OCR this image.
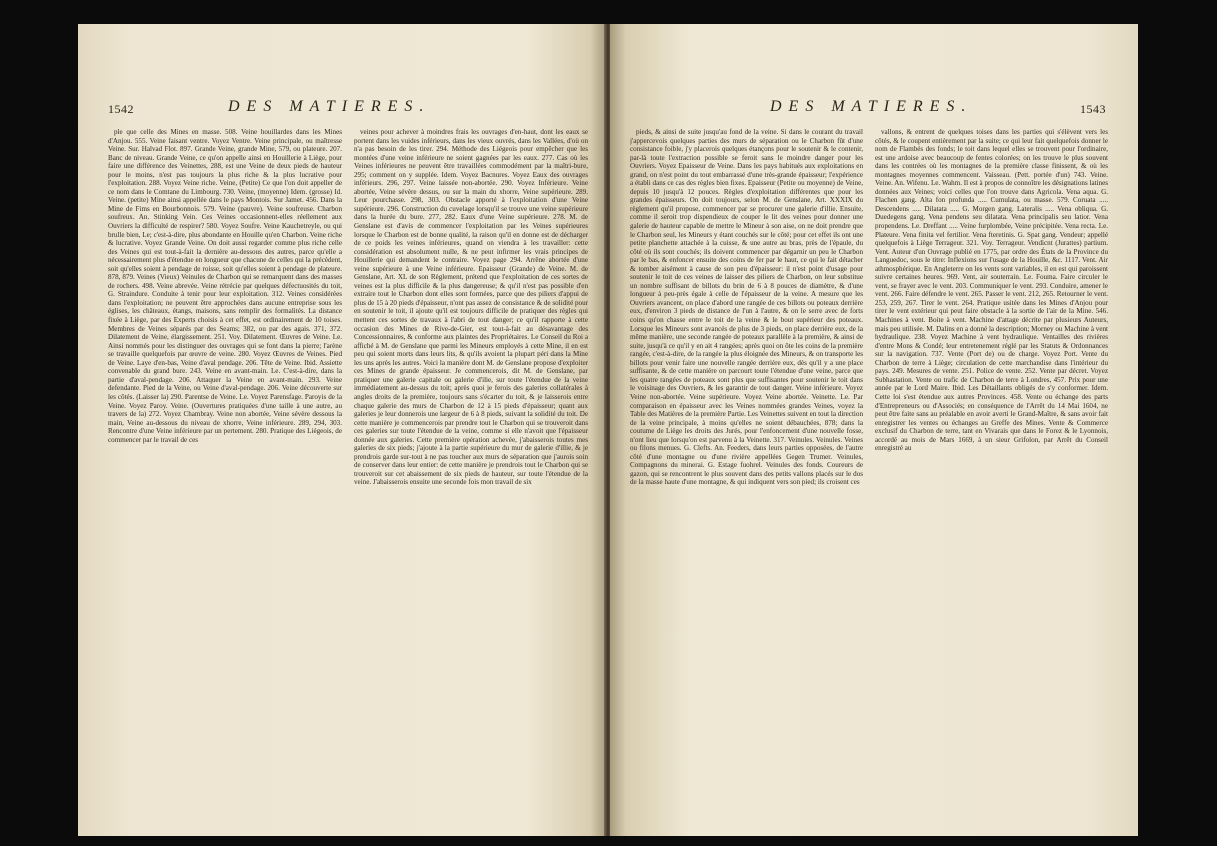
1542	DES MATIERES.

ple que celle des Mines en masse. 508. Veine houillardes dans les Mines d'Anjou. 555. Veine faisant ventre. Voyez Ventre. Veine principale, ou maîtresse Veine. Sur. Halvad Flot. 897. Grande Veine, grande Mine, 579, ou plateure. 207. Banc de niveau. Grande Veine, ce qu'on appelle ainsi en Houillerie à Liège, pour faire une différence des Veinettes, 288, est une Veine de deux pieds de hauteur pour le moins, n'est pas toujours la plus riche & la plus lucrative pour l'exploitation. 288. Voyez Veine riche. Veine, (Petite) Ce que l'on doit appeller de ce nom dans le Comtane du Limbourg. 730. Veine, (moyenne) Idem. (grosse) Id. Veine. (petite) Mine ainsi appellée dans le pays Montois. Sur Jamet. 456. Dans la Mine de Fims en Bourbonnois. 579. Veine (pauvre). Veine soufreuse. Charbon soufreux. An. Stinking Vein. Ces Veines occasionnent-elles réellement aux Ouvriers la difficulté de respirer? 580. Voyez Soufre. Veine Kauchetreyle, ou qui brulle bien, Le; c'est-à-dire, plus abondante en Houille qu'en Charbon. Veine riche & lucrative. Voyez Grande Veine. On doit aussi regarder comme plus riche celle des Veines qui est tout-à-fait la dernière au-dessous des autres, parce qu'elle a nécessairement plus d'étendue en longueur que chacune de celles qui la précèdent, soit qu'elles soient à pendage de roisse, soit qu'elles soient à pendage de plateure. 878, 879. Veines (Vieux) Veinules de Charbon qui se remarquent dans des masses de rochers. 498. Veine abrevée. Veine rétrécie par quelques défectuosités du toit, G. Straindure. Conduite à tenir pour leur exploitation. 312. Veines considérées dans l'exploitation; ne peuvent être approchées dans aucune entreprise sous les églises, les châteaux, étangs, maisons, sans remplir des formalités. La distance fixée à Liège, par des Experts choisis à cet effet, est ordinairement de 10 toises. Membres de Veines séparés par des Seams; 382, ou par des agais. 371, 372. Dilatement de Veine, élargissement. 251. Voy. Dilatement. Œuvres de Veine. Le. Ainsi nommés pour les distinguer des ouvrages qui se font dans la pierre; l'arène se travaille quelquefois par œuvre de veine. 280. Voyez Œuvres de Veines. Pied de Veine. Laye d'en-bas, Veine d'aval pendage. 206. Tête de Veine. Ibid. Assiette convenable du grand bure. 243. Veine en avant-main. Le. C'est-à-dire, dans la partie d'aval-pendage. 206. Attaquer la Veine en avant-main. 293. Veine defendante. Pied de la Veine, ou Veine d'aval-pendage. 206. Veine découverte sur les côtés. (Laisser la) 290. Parentse de Veine. Le. Voyez Parensfage. Paroyis de la Veine. Voyez Paroy. Veine. (Ouvertures pratiquées d'une taille à une autre, au travers de la) 272. Voyez Chambray. Veine non abortée, Veine sévère dessous la main, Veine au-dessous du niveau de xhorre, Veine inférieure. 289, 294, 303. Rencontre d'une Veine inférieure par un pertement. 280. Pratique des Liégeois, de commencer par le travail de ces

veines pour achever à moindres frais les ouvrages d'en-haut, dont les eaux se portent dans les vuides inférieurs, dans les vieux ouvrés, dans les Vallées, d'où on n'a pas besoin de les tirer. 294. Méthode des Liégeois pour empêcher que les montées d'une veine inférieure ne soient gagnées par les eaux. 277. Cas où les Veines inférieures ne peuvent être travaillées commodément par la maîtri-bure, 295; comment on y supplée. Idem. Voyez Bacnures. Voyez Eaux des ouvrages inférieurs. 296, 297. Veine laissée non-abortée. 290. Voyez Inférieure. Veine abortée, Veine sévère dessus, ou sur la main du xhorre, Veine supérieure. 289. Leur pourchasse. 298, 303. Obstacle apporté à l'exploitation d'une Veine supérieure. 296. Construction du cuvelage lorsqu'il se trouve une veine supérieure dans la hurée du bure. 277, 282. Eaux d'une Veine supérieure. 278. M. de Genslane est d'avis de commencer l'exploitation par les Veines supérieures lorsque le Charbon est de bonne qualité, la raison qu'il en donne est de décharger de ce poids les veines inférieures, quand on viendra à les travailler: cette considération est absolument nulle, & ne peut infirmer les vrais principes de Houillerie qui demandent le contraire. Voyez page 294. Arrêne abortée d'une veine supérieure à une Veine inférieure. Epaisseur (Grande) de Veine. M. de Genslane, Art. XL de son Règlement, prétend que l'exploitation de ces sortes de veines est la plus difficile & la plus dangereuse; & qu'il n'est pas possible d'en extraire tout le Charbon dont elles sont formées, parce que des piliers d'appui de plus de 15 à 20 pieds d'épaisseur, n'ont pas assez de consistance & de solidité pour en soutenir le toit, il ajoute qu'il est toujours difficile de pratiquer des règles qui mettent ces sortes de travaux à l'abri de tout danger; ce qu'il rapporte à cette occasion des Mines de Rive-de-Gier, est tout-à-fait au désavantage des Concessionnaires, & conforme aux plaintes des Propriétaires. Le Conseil du Roi a affiché à M. de Genslane que parmi les Mineurs employés à cette Mine, il en est peu qui soient morts dans leurs lits, & qu'ils avoient la plupart péri dans la Mine les uns après les autres. Voici la manière dont M. de Genslane propose d'exploiter ces Mines de grande épaisseur. Je commencerois, dit M. de Genslane, par pratiquer une galerie capitale ou galerie d'ilie, sur toute l'étendue de la veine immédiatement au-dessus du toit; après quoi je ferois des galeries collatérales à angles droits de la première, toujours sans s'écarter du toit, & je laisserois entre chaque galerie des murs de Charbon de 12 à 15 pieds d'épaisseur; quant aux galeries je leur donnerois une largeur de 6 à 8 pieds, suivant la solidité du toit. De cette manière je commencerois par prendre tout le Charbon qui se trouveroit dans ces galeries sur toute l'étendue de la veine, comme si elle n'avoit que l'épaisseur donnée aux galeries. Cette première opération achevée, j'abaisserois toutes mes galeries de six pieds; j'ajoute à la partie supérieure du mur de galerie d'illie, & je prendrois garde sur-tout à ne pas toucher aux murs de séparation que j'aurois soin de conserver dans leur entier: de cette manière je prendrois tout le Charbon qui se trouveroit sur cet abaissement de six pieds de hauteur, sur toute l'étendue de la veine. J'abaisserois ensuite une seconde fois mon travail de six

1543
DES MATIERES.

pieds, & ainsi de suite jusqu'au fond de la veine. Si dans le courant du travail j'appercevois quelques parties des murs de séparation ou le Charbon fût d'une consistance foible, j'y placerois quelques étançons pour le soutenir & le contenir, par-là toute l'extraction possible se feroit sans le moindre danger pour les Ouvriers. Voyez Epaisseur de Veine. Dans les pays habitués aux exploitations en grand, on n'est point du tout embarrassé d'une très-grande épaisseur; l'expérience a établi dans ce cas des règles bien fixes. Epaisseur (Petite ou moyenne) de Veine, depuis 10 jusqu'à 12 pouces. Règles d'exploitation différentes que pour les grandes épaisseurs. On doit toujours, selon M. de Genslane, Art. XXXIX du règlement qu'il propose, commencer par se procurer une galerie d'illie. Ensuite, comme il seroit trop dispendieux de couper le lit des veines pour donner une galerie de hauteur capable de mettre le Mineur à son aise, on ne doit prendre que le Charbon seul, les Mineurs y étant couchés sur le côté; pour cet effet ils ont une petite planchette attachée à la cuisse, & une autre au bras, près de l'épaule, du côté où ils sont couchés; ils doivent commencer par dégarnir un peu le Charbon par le bas, & enfoncer ensuite des coins de fer par le haut, ce qui le fait détacher & tomber aisément à cause de son peu d'épaisseur: il n'est point d'usage pour soutenir le toit de ces veines de laisser des piliers de Charbon, on leur substitue un nombre suffisant de billots du brin de 6 à 8 pouces de diamètre, & d'une longueur à peu-près égale à celle de l'épaisseur de la veine. A mesure que les Ouvriers avancent, on place d'abord une rangée de ces billots ou poteaux derrière eux, d'environ 3 pieds de distance de l'un à l'autre, & on le serre avec de forts coins qu'on chasse entre le toit de la veine & le bout supérieur des poteaux. Lorsque les Mineurs sont avancés de plus de 3 pieds, on place derrière eux, de la même manière, une seconde rangée de poteaux parallèle à la première, & ainsi de suite, jusqu'à ce qu'il y en ait 4 rangées; après quoi on ôte les coins de la première rangée, c'est-à-dire, de la rangée la plus éloignée des Mineurs, & on transporte les billots pour venir faire une nouvelle rangée derrière eux, dès qu'il y a une place suffisante, & de cette manière on parcourt toute l'étendue d'une veine, parce que les quatre rangées de poteaux sont plus que suffisantes pour soutenir le toit dans le voisinage des Ouvriers, & les garantir de tout danger. Veine inférieure. Voyez Veine non-abortée. Veine supérieure. Voyez Veine abortée. Veinette. Le. Par comparaison en épaisseur avec les Veines nommées grandes Veines, voyez la Table des Matières de la première Partie. Les Veinettes suivent en tout la direction de la veine principale, à moins qu'elles ne soient débauchées, 878; dans la coutume de Liège les droits des Jurés, pour l'enfoncement d'une nouvelle fosse, n'ont lieu que lorsqu'on est parvenu à la Veinette. 317. Veinules. Veinules. Veines ou filons menues. G. Clefts. An. Feeders, dans leurs parties opposées, de l'autre côté d'une montagne ou d'une rivière appellées Gegen Trumer. Veinules, Compagnons du minerai. G. Estage fuohrel. Veinules des fonds. Coureurs de gazon, qui se rencontrent le plus souvent dans des petits vallons placés sur le dos de la masse haute d'une montagne, & qui indiquent vers son pied; ils croisent ces

vallons, & entrent de quelques toises dans les parties qui s'élèvent vers les côtés, & le coupent entièrement par la suite; ce qui leur fait quelquefois donner le nom de Flambés des fonds; le toit dans lequel elles se trouvent pour l'ordinaire, est une ardoise avec beaucoup de fentes colorées; on les trouve le plus souvent dans les contrées où les montagnes de la première classe finissent, & où les montagnes moyennes commencent. Vaisseau. (Pett. portée d'un) 743. Veine. Veine. An. Wifenu. Le. Wahm. Il est à propos de connoître les désignations latines données aux Veines; voici celles que l'on trouve dans Agricola. Vena aqua. G. Flachen gang. Alta fon profunda ..... Cumulata, ou masse. 579. Coruata ..... Descendens ..... Dilatata ..... G. Morgen gang. Lateralis ..... Vena obliqua. G. Duedegens gang. Vena pendens seu dilatata. Vena principalis seu latior. Vena propendens. Le. Dreffant ..... Veine furplombée, Veine précipitée. Vena recta. Le. Plateure. Vena finita vel fertilior. Vena fteretinis. G. Spat gang. Vendeur; appellé quelquefois à Liège Terrageur. 321. Voy. Terrageur. Vendicnt (Jurattes) partium. Vent. Auteur d'un Ouvrage publié en 1775, par ordre des États de la Province du Languedoc, sous le titre: Inflexions sur l'usage de la Houille, &c. 1117. Vent. Air athmosphérique. En Angleterre on les vents sont variables, il en est qui paroissent suivre certaines heures. 969. Vent, air souterrain. Le. Fouma. Faire circuler le vent, se frayer avec le vent. 203. Communiquer le vent. 293. Conduire, amener le vent. 266. Faire défendre le vent. 265. Passer le vent. 212, 265. Retourner le vent. 253, 259, 267. Tirer le vent. 264. Pratique usitée dans les Mines d'Anjou pour tirer le vent extérieur qui peut faire obstacle à la sortie de l'air de la Mine. 546. Machines à vent. Boite à vent. Machine d'attage décrite par plusieurs Auteurs, mais peu utilisée. M. Dalins en a donné la description; Morney ou Machine à vent hydraulique. 238. Voyez Machine à vent hydraulique. Ventailles des rivières d'entre Mons & Condé; leur entretenement réglé par les Statuts & Ordonnances sur la navigation. 737. Vente (Port de) ou de charge. Voyez Port. Vente du Charbon de terre à Liège; circulation de cette marchandise dans l'intérieur du pays. 249. Mesures de vente. 251. Police de vente. 252. Vente par décret. Voyez Subhastation. Vente ou trafic de Charbon de terre à Londres, 457. Prix pour une année par le Lord Maire. Ibid. Les Détaillants obligés de s'y conformer. Idem. Cette loi s'est étendue aux autres Provinces. 458. Vente ou échange des parts d'Entrepreneurs ou d'Associés; en conséquence de l'Arrêt du 14 Mai 1604, ne peut être faite sans au préalable en avoir averti le Grand-Maître, & sans avoir fait enregistrer les ventes ou échanges au Greffe des Mines. Vente & Commerce exclusif du Charbon de terre, tant en Vivarais que dans le Forez & le Lyonnois, accordé au mois de Mars 1669, à un sieur Grifolon, par Arrêt du Conseil enregistré au
